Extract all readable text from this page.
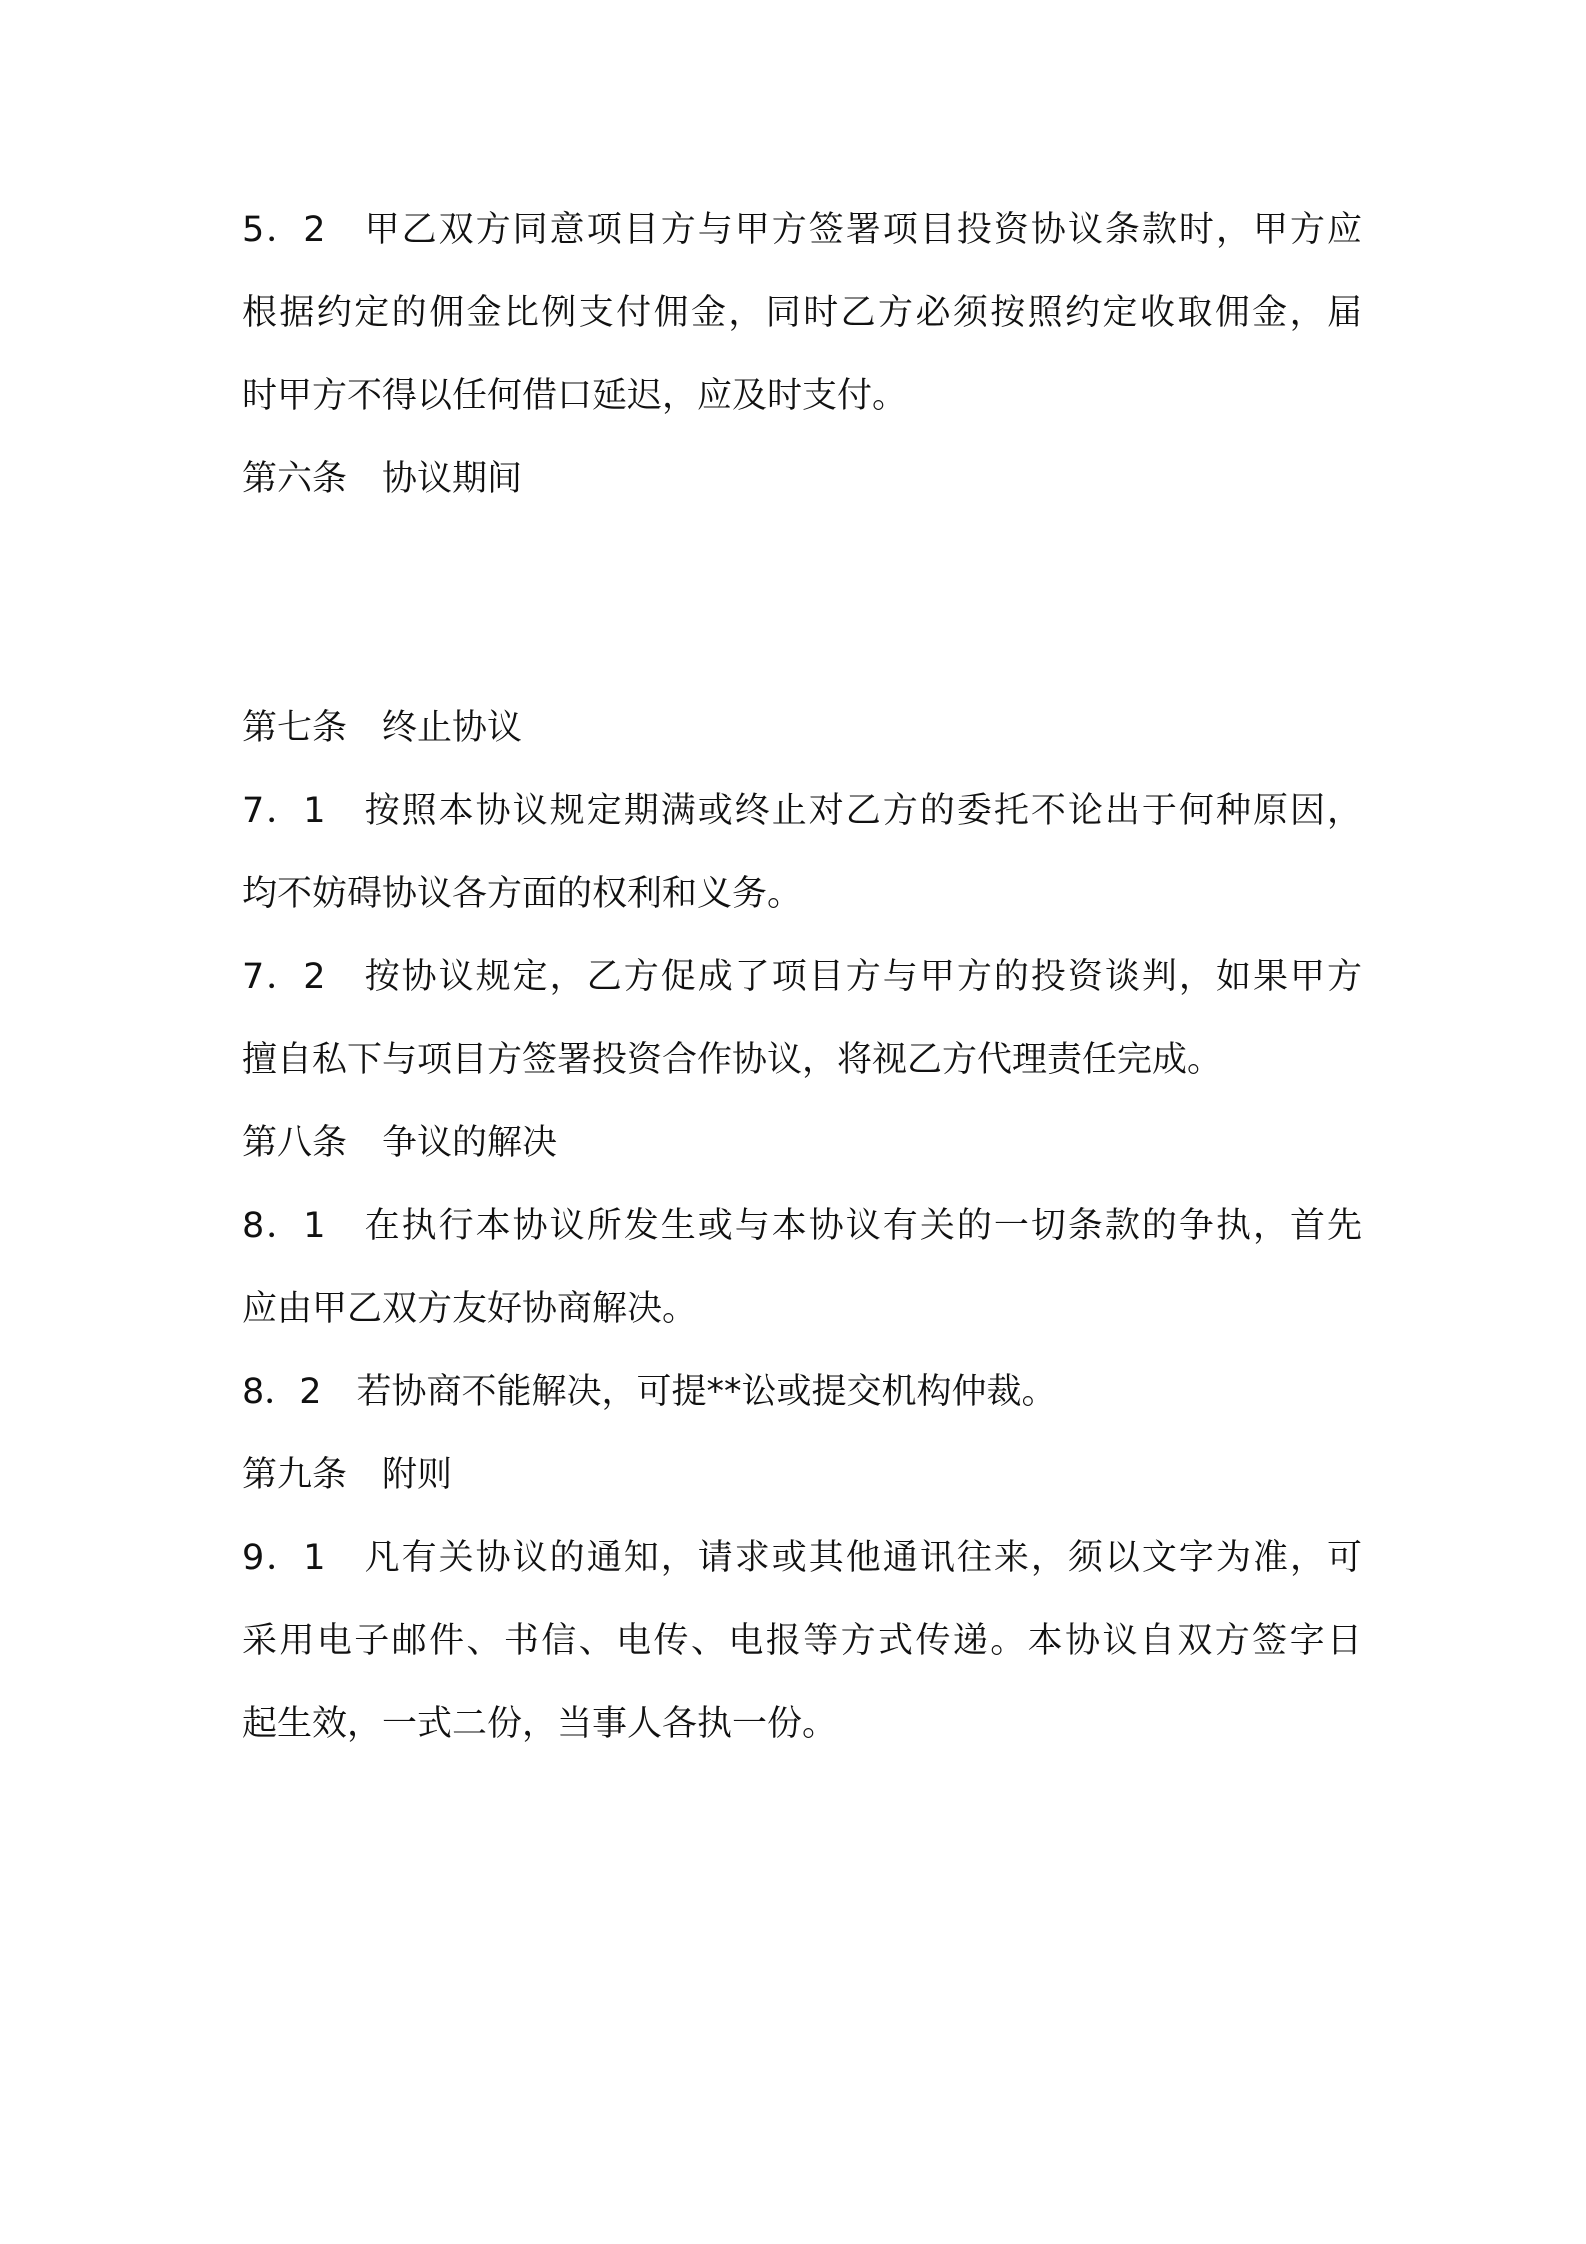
5．2　甲乙双方同意项目方与甲方签署项目投资协议条款时，甲方应
根据约定的佣金比例支付佣金，同时乙方必须按照约定收取佣金，届
时甲方不得以任何借口延迟，应及时支付。
第六条　协议期间

第七条　终止协议
7．1　按照本协议规定期满或终止对乙方的委托不论出于何种原因，
均不妨碍协议各方面的权利和义务。
7．2　按协议规定，乙方促成了项目方与甲方的投资谈判，如果甲方
擅自私下与项目方签署投资合作协议，将视乙方代理责任完成。
第八条　争议的解决
8．1　在执行本协议所发生或与本协议有关的一切条款的争执，首先
应由甲乙双方友好协商解决。
8．2　若协商不能解决，可提**讼或提交机构仲裁。
第九条　附则
9．1　凡有关协议的通知，请求或其他通讯往来，须以文字为准，可
采用电子邮件、书信、电传、电报等方式传递。本协议自双方签字日
起生效，一式二份，当事人各执一份。
